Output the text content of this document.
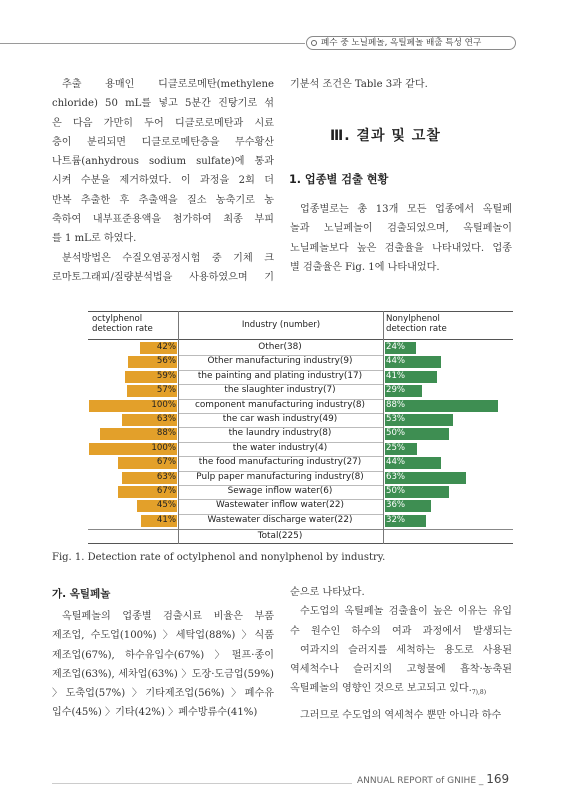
폐수 중 노닐페놀, 옥틸페놀 배출 특성 연구
추출 용매인 디클로로메탄(methylene
chloride) 50 mL를 넣고 5분간 진탕기로 섞
은 다음 가만히 두어 디클로로메탄과 시료
층이 분리되면 디클로로메탄층을 무수황산
나트륨(anhydrous sodium sulfate)에 통과
시켜 수분을 제거하였다. 이 과정을 2회 더
반복 추출한 후 추출액을 질소 농축기로 농
축하여 내부표준용액을 첨가하여 최종 부피
를 1 mL로 하였다.
분석방법은 수질오염공정시험 중 기체 크
로마토그래피/질량분석법을 사용하였으며 기
기분석 조건은 Table 3과 같다.
Ⅲ. 결과 및 고찰
1. 업종별 검출 현황
업종별로는 총 13개 모든 업종에서 옥틸페
놀과 노닐페놀이 검출되었으며, 옥틸페놀이
노닐페놀보다 높은 검출율을 나타내었다. 업종
별 검출율은 Fig. 1에 나타내었다.
octylphenol
detection rate	Industry (number)
Nonylphenol
detection rate
42%	Other(38)	24%
56%	Other manufacturing industry(9)	44%
59%	the painting and plating industry(17)	41%
57%	the slaughter industry(7)	29%
100%	component manufacturing industry(8)	88%
63%	the car wash industry(49)	53%
88%	the laundry industry(8)	50%
100%	the water industry(4)	25%
67%	the food manufacturing industry(27)	44%
63%	Pulp paper manufacturing industry(8)	63%
67%	Sewage inflow water(6)	50%
45%	Wastewater inflow water(22)	36%
41%	Wastewater discharge water(22)	32%
Total(225)
Fig. 1. Detection rate of octylphenol and nonylphenol by industry.
가. 옥틸페놀
옥틸페놀의 업종별 검출시료 비율은 부품
제조업, 수도업(100%) 〉세탁업(88%) 〉식품
제조업(67%), 하수유입수(67%) 〉펄프·종이
제조업(63%), 세차업(63%) 〉도장·도금업(59%)
〉도축업(57%) 〉기타제조업(56%) 〉폐수유
입수(45%) 〉기타(42%) 〉폐수방류수(41%)
순으로 나타났다.
수도업의 옥틸페놀 검출율이 높은 이유는 유입
수 원수인 하수의 여과 과정에서 발생되는
여과지의 슬러지를 세척하는 용도로 사용된
역세척수나 슬러지의 고형물에 흡착·농축된
옥틸페놀의 영향인 것으로 보고되고 있다.$^{7),8)}$
그러므로 수도업의 역세척수 뿐만 아니라 하수
ANNUAL REPORT of GNIHE _ 169
